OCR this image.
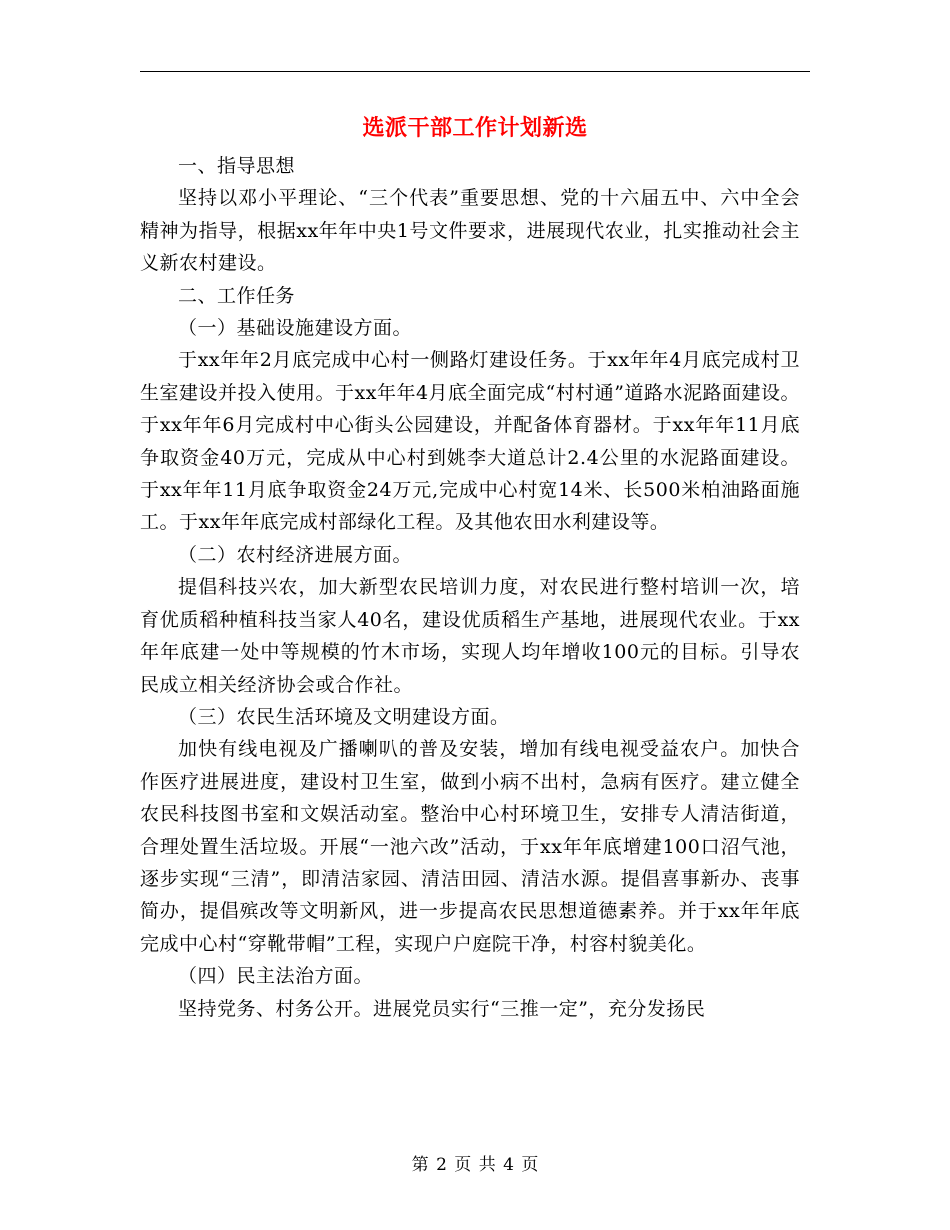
选派干部工作计划新选

一、指导思想

坚持以邓小平理论、“三个代表”重要思想、党的十六届五中、六中全会精神为指导，根据xx年年中央1号文件要求，进展现代农业，扎实推动社会主义新农村建设。

二、工作任务

（一）基础设施建设方面。

于xx年年2月底完成中心村一侧路灯建设任务。于xx年年4月底完成村卫生室建设并投入使用。于xx年年4月底全面完成“村村通”道路水泥路面建设。于xx年年6月完成村中心街头公园建设，并配备体育器材。于xx年年11月底争取资金40万元，完成从中心村到姚李大道总计2.4公里的水泥路面建设。于xx年年11月底争取资金24万元,完成中心村宽14米、长500米柏油路面施工。于xx年年底完成村部绿化工程。及其他农田水利建设等。

（二）农村经济进展方面。

提倡科技兴农，加大新型农民培训力度，对农民进行整村培训一次，培育优质稻种植科技当家人40名，建设优质稻生产基地，进展现代农业。于xx年年底建一处中等规模的竹木市场，实现人均年增收100元的目标。引导农民成立相关经济协会或合作社。

（三）农民生活环境及文明建设方面。

加快有线电视及广播喇叭的普及安装，增加有线电视受益农户。加快合作医疗进展进度，建设村卫生室，做到小病不出村，急病有医疗。建立健全农民科技图书室和文娱活动室。整治中心村环境卫生，安排专人清洁街道，合理处置生活垃圾。开展“一池六改”活动，于xx年年底增建100口沼气池，逐步实现“三清”，即清洁家园、清洁田园、清洁水源。提倡喜事新办、丧事简办，提倡殡改等文明新风，进一步提高农民思想道德素养。并于xx年年底完成中心村“穿靴带帽”工程，实现户户庭院干净，村容村貌美化。

（四）民主法治方面。

坚持党务、村务公开。进展党员实行“三推一定”，充分发扬民

第 2 页 共 4 页
